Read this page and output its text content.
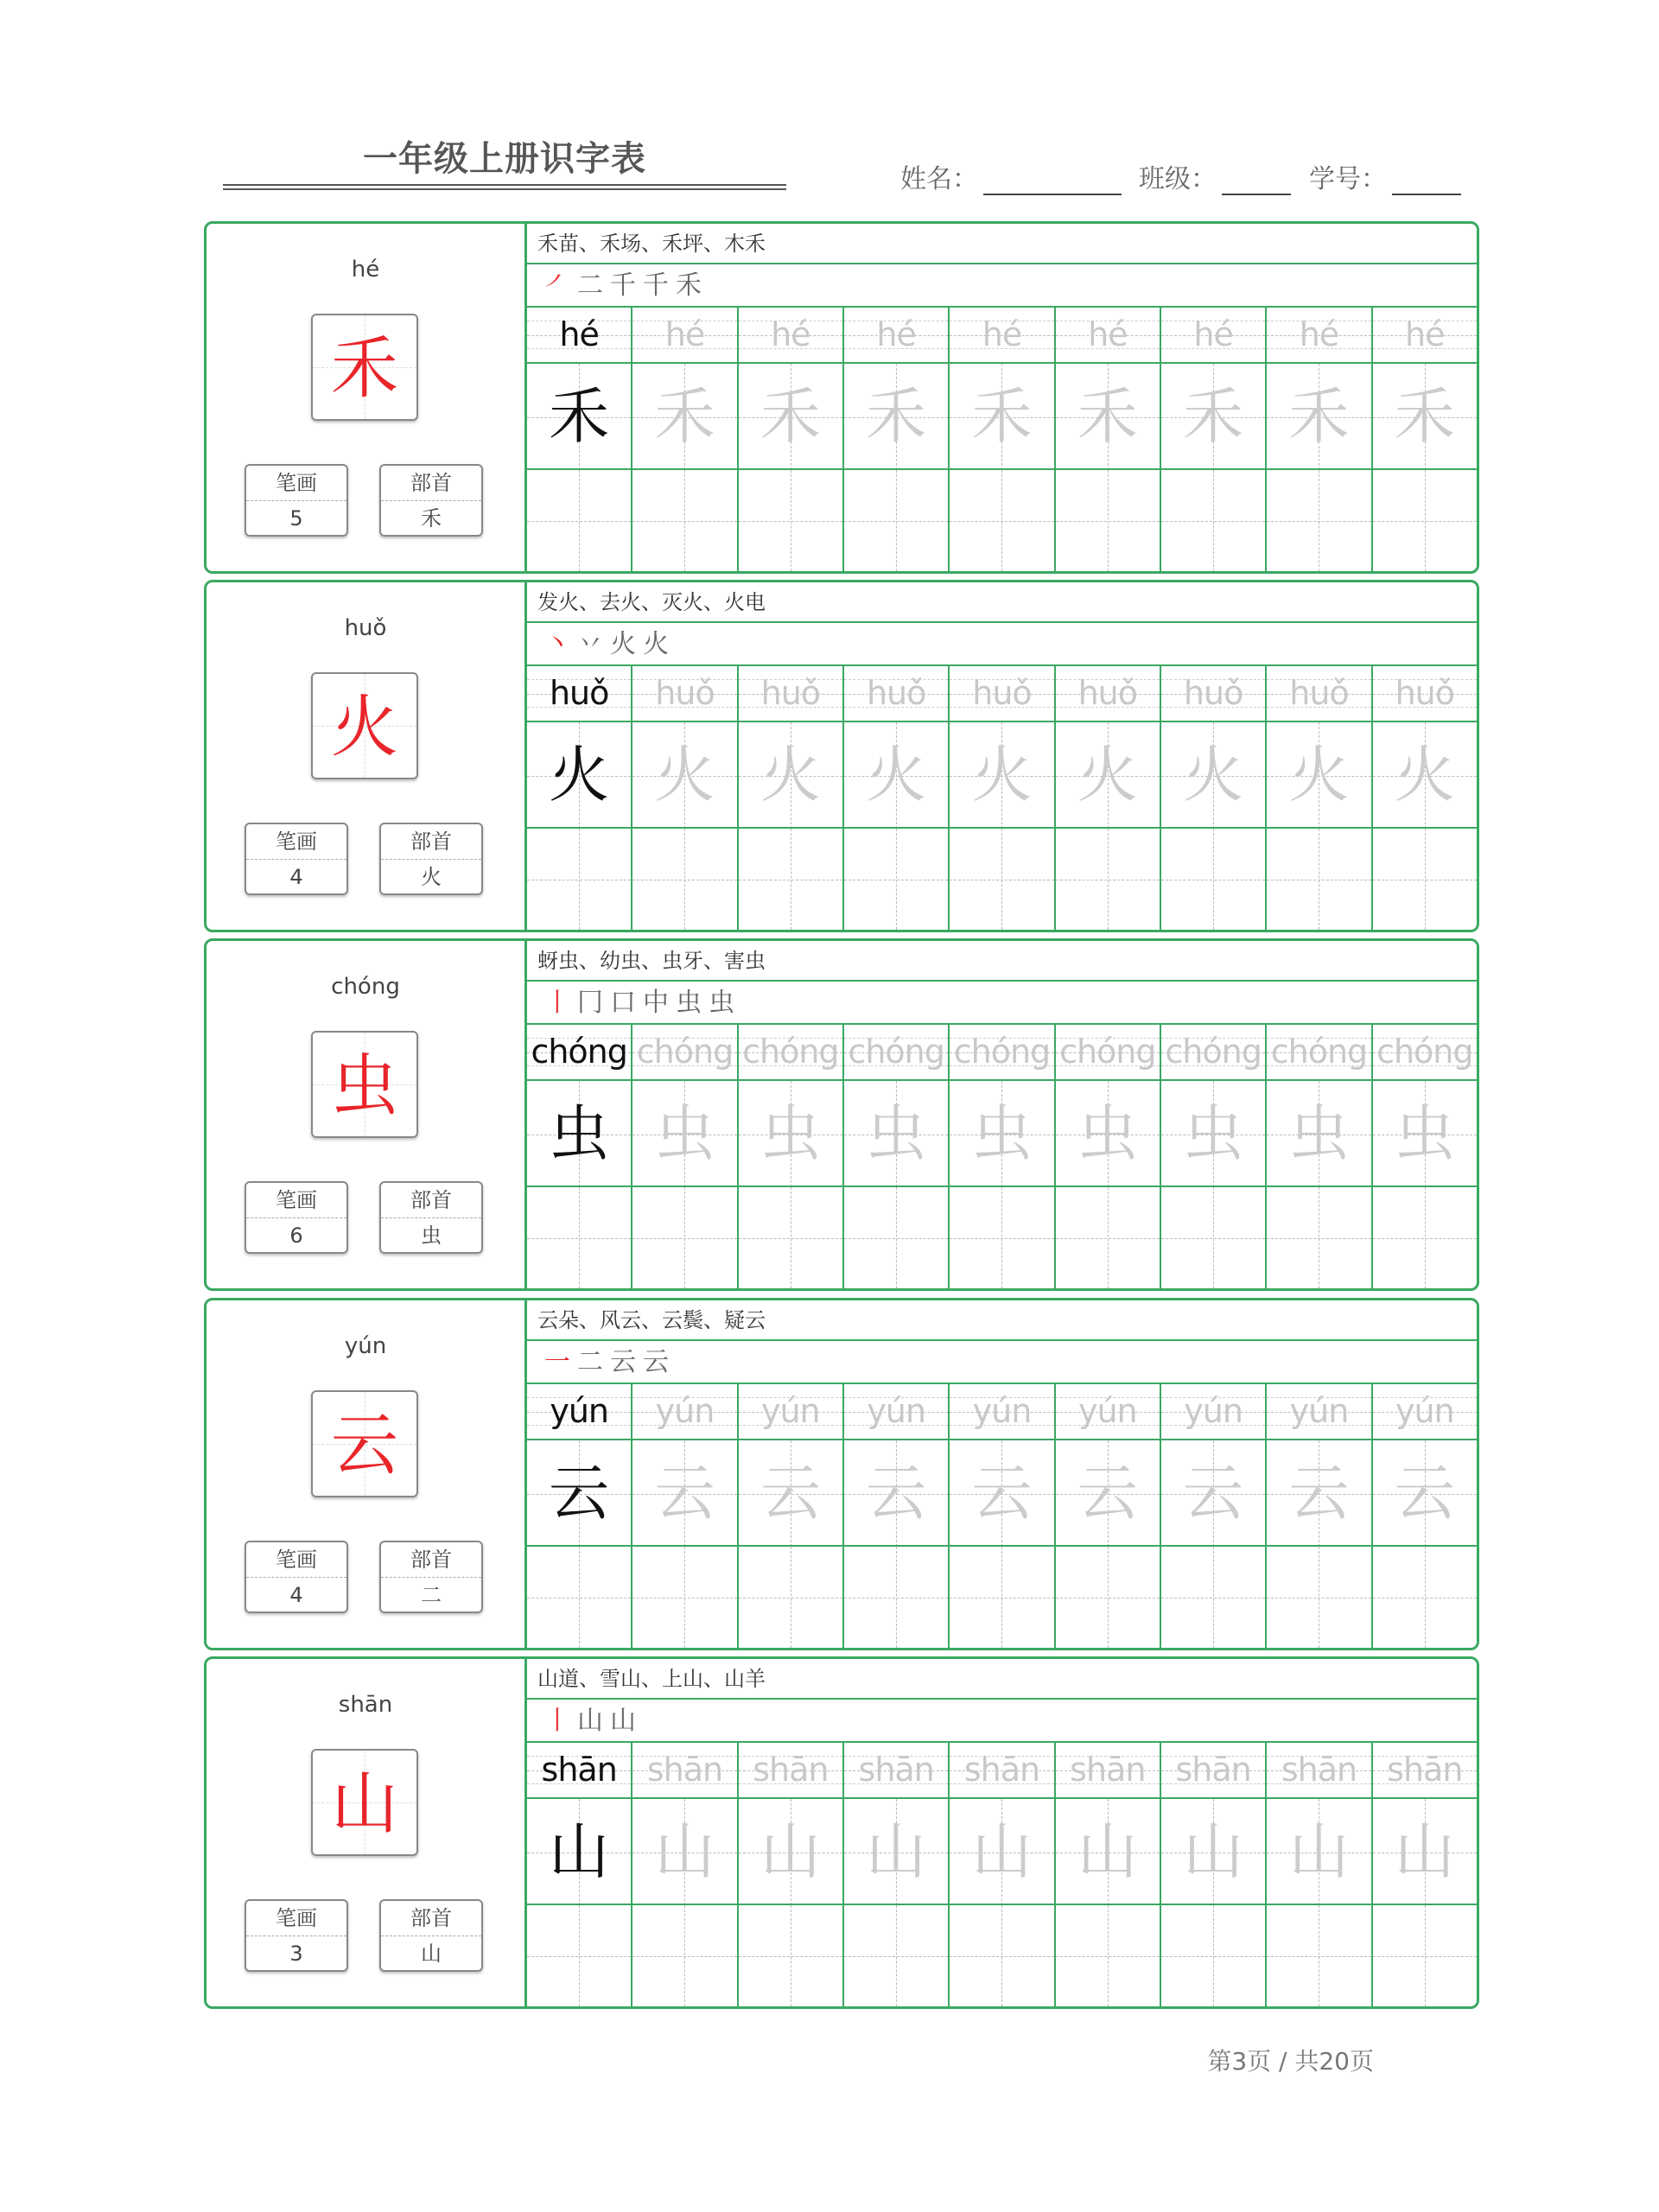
一年级上册识字表
姓名：	班级：	学号：
hé
禾
笔画
5
部首
禾
禾苗、禾场、禾坪、木禾
㇒二千千禾
hé	hé	hé	hé	hé	hé	hé	hé	hé
禾 禾 禾 禾 禾 禾 禾 禾 禾
huǒ
火
笔画
4
部首
火
发火、去火、灭火、火电
丶丷火火
huǒ	huǒ	huǒ	huǒ	huǒ	huǒ	huǒ	huǒ	huǒ
火 火 火 火 火 火 火 火 火
chóng
虫
笔画
6
部首
虫
蚜虫、幼虫、虫牙、害虫
丨冂口中虫虫
chóng chóng chóng chóng chóng chóng chóng chóng chóng
虫 虫 虫 虫 虫 虫 虫 虫 虫
yún
云
笔画
4
部首
二
云朵、风云、云鬓、疑云
一二云云
yún	yún	yún	yún	yún	yún	yún	yún	yún
云 云 云 云 云 云 云 云 云
shān
山
笔画
3
部首
山
山道、雪山、上山、山羊
丨山山
shān shān shān shān shān shān shān shān shān
山 山 山 山 山 山 山 山 山
第3页 / 共20页
